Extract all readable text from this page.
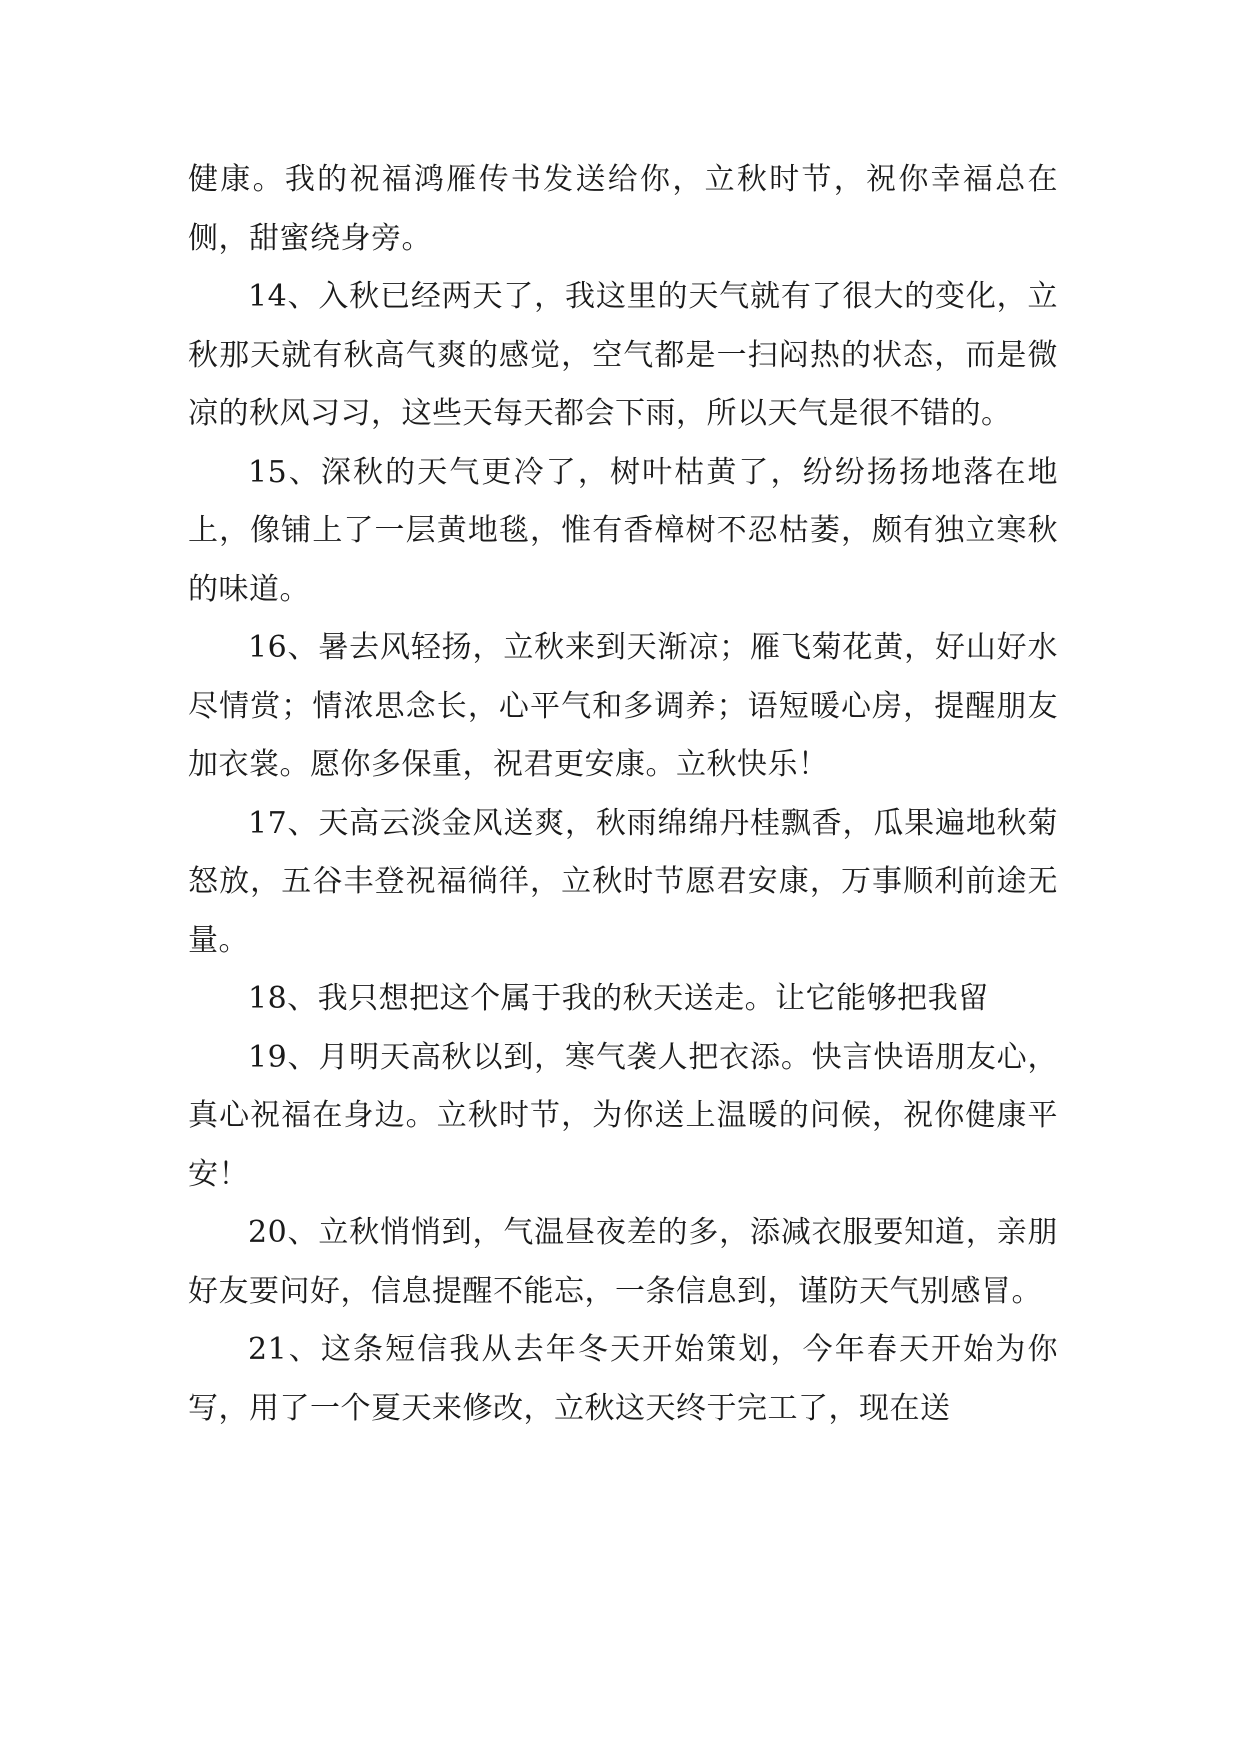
健康。我的祝福鸿雁传书发送给你，立秋时节，祝你幸福总在侧，甜蜜绕身旁。

14、入秋已经两天了，我这里的天气就有了很大的变化，立秋那天就有秋高气爽的感觉，空气都是一扫闷热的状态，而是微凉的秋风习习，这些天每天都会下雨，所以天气是很不错的。

15、深秋的天气更冷了，树叶枯黄了，纷纷扬扬地落在地上，像铺上了一层黄地毯，惟有香樟树不忍枯萎，颇有独立寒秋的味道。

16、暑去风轻扬，立秋来到天渐凉；雁飞菊花黄，好山好水尽情赏；情浓思念长，心平气和多调养；语短暖心房，提醒朋友加衣裳。愿你多保重，祝君更安康。立秋快乐！

17、天高云淡金风送爽，秋雨绵绵丹桂飘香，瓜果遍地秋菊怒放，五谷丰登祝福徜徉，立秋时节愿君安康，万事顺利前途无量。

18、我只想把这个属于我的秋天送走。让它能够把我留

19、月明天高秋以到，寒气袭人把衣添。快言快语朋友心，真心祝福在身边。立秋时节，为你送上温暖的问候，祝你健康平安！

20、立秋悄悄到，气温昼夜差的多，添减衣服要知道，亲朋好友要问好，信息提醒不能忘，一条信息到，谨防天气别感冒。

21、这条短信我从去年冬天开始策划，今年春天开始为你写，用了一个夏天来修改，立秋这天终于完工了，现在送
